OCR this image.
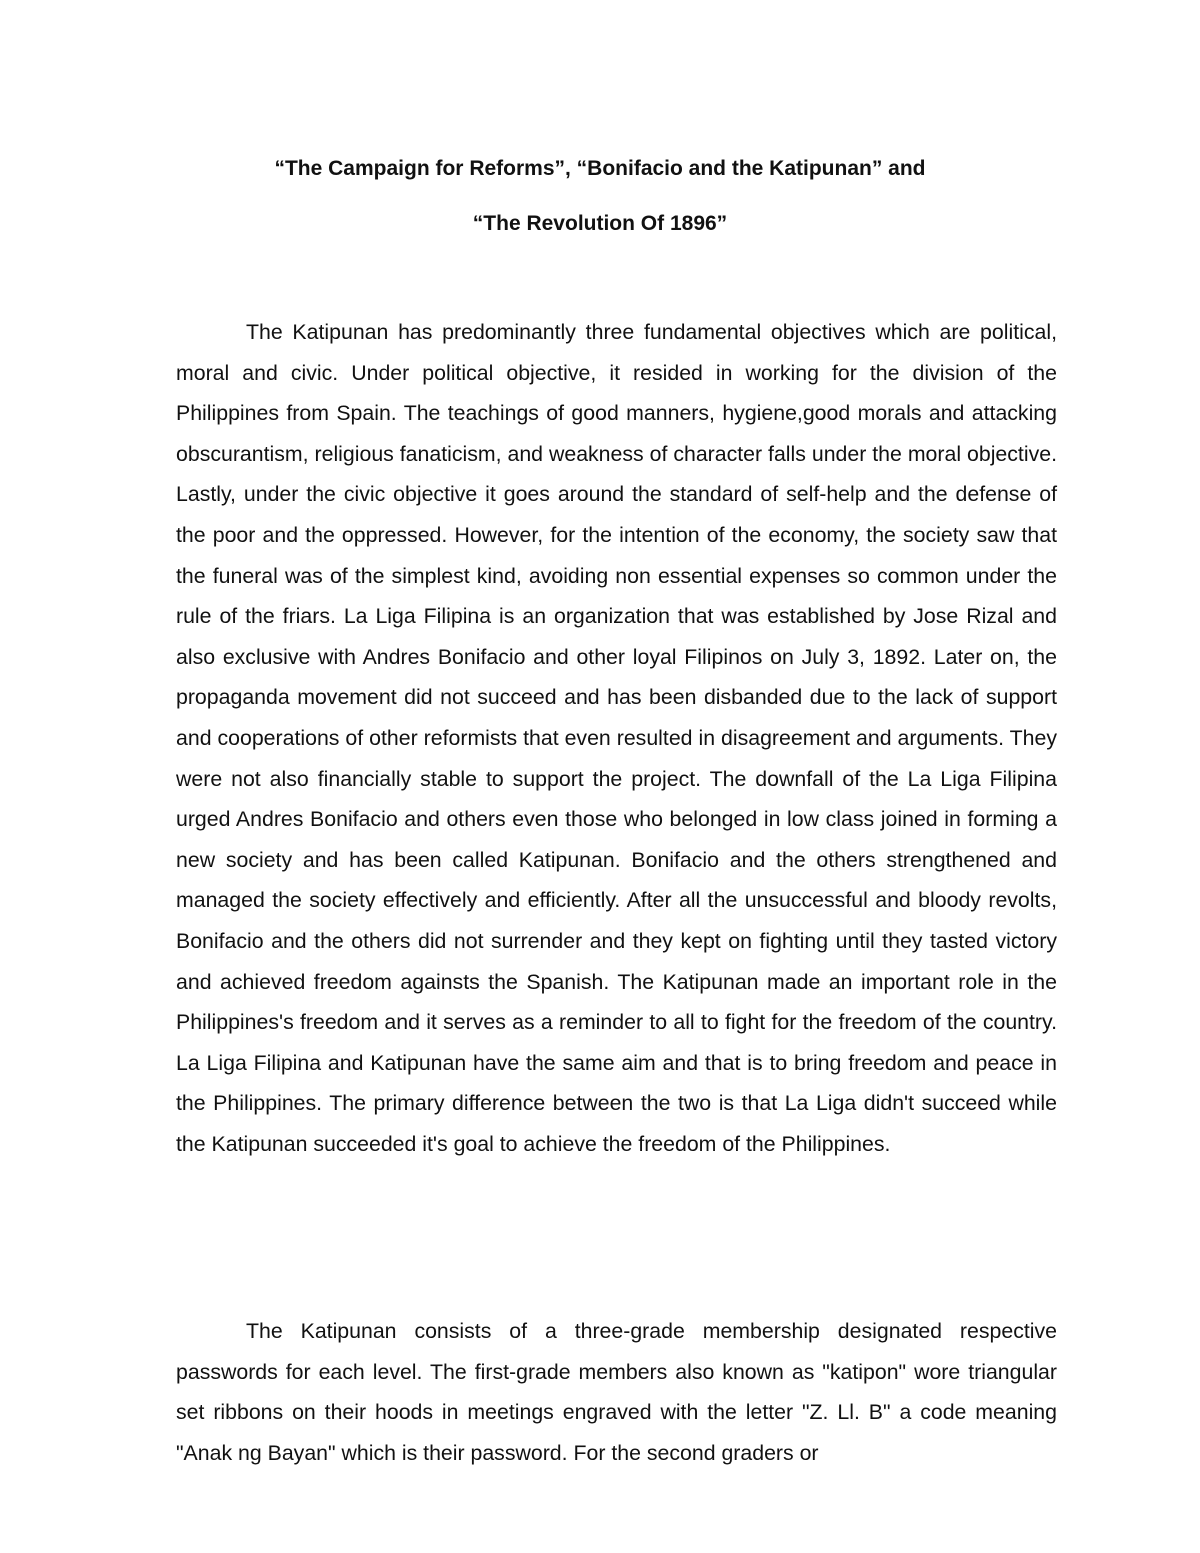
“The Campaign for Reforms”, “Bonifacio and the Katipunan” and
“The Revolution Of 1896”

The Katipunan has predominantly three fundamental objectives which are political, moral and civic. Under political objective, it resided in working for the division of the Philippines from Spain. The teachings of good manners, hygiene,good morals and attacking obscurantism, religious fanaticism, and weakness of character falls under the moral objective. Lastly, under the civic objective it goes around the standard of self-help and the defense of the poor and the oppressed. However, for the intention of the economy, the society saw that the funeral was of the simplest kind, avoiding non essential expenses so common under the rule of the friars. La Liga Filipina is an organization that was established by Jose Rizal and also exclusive with Andres Bonifacio and other loyal Filipinos on July 3, 1892. Later on, the propaganda movement did not succeed and has been disbanded due to the lack of support and cooperations of other reformists that even resulted in disagreement and arguments. They were not also financially stable to support the project. The downfall of the La Liga Filipina urged Andres Bonifacio and others even those who belonged in low class joined in forming a new society and has been called Katipunan. Bonifacio and the others strengthened and managed the society effectively and efficiently. After all the unsuccessful and bloody revolts, Bonifacio and the others did not surrender and they kept on fighting until they tasted victory and achieved freedom againsts the Spanish. The Katipunan made an important role in the Philippines's freedom and it serves as a reminder to all to fight for the freedom of the country. La Liga Filipina and Katipunan have the same aim and that is to bring freedom and peace in the Philippines. The primary difference between the two is that La Liga didn't succeed while the Katipunan succeeded it's goal to achieve the freedom of the Philippines.

The Katipunan consists of a three-grade membership designated respective passwords for each level. The first-grade members also known as "katipon" wore triangular set ribbons on their hoods in meetings engraved with the letter "Z. Ll. B" a code meaning "Anak ng Bayan" which is their password. For the second graders or
